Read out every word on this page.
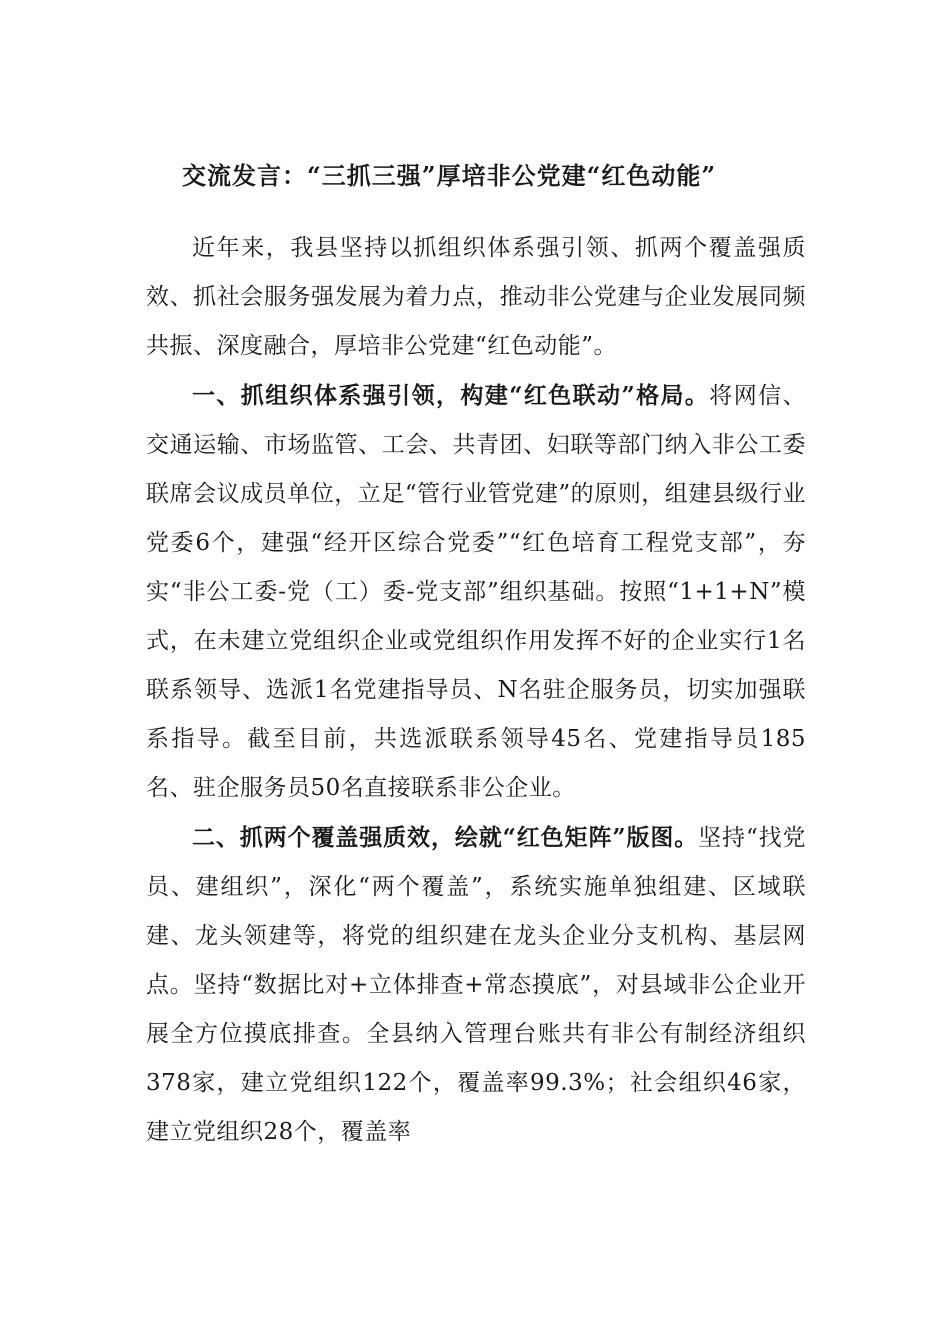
交流发言：“三抓三强”厚培非公党建“红色动能”

近年来，我县坚持以抓组织体系强引领、抓两个覆盖强质效、抓社会服务强发展为着力点，推动非公党建与企业发展同频共振、深度融合，厚培非公党建“红色动能”。

一、抓组织体系强引领，构建“红色联动”格局。将网信、交通运输、市场监管、工会、共青团、妇联等部门纳入非公工委联席会议成员单位，立足“管行业管党建”的原则，组建县级行业党委6个，建强“经开区综合党委”“红色培育工程党支部”，夯实“非公工委-党（工）委-党支部”组织基础。按照“1+1+N”模式，在未建立党组织企业或党组织作用发挥不好的企业实行1名联系领导、选派1名党建指导员、N名驻企服务员，切实加强联系指导。截至目前，共选派联系领导45名、党建指导员185名、驻企服务员50名直接联系非公企业。

二、抓两个覆盖强质效，绘就“红色矩阵”版图。坚持“找党员、建组织”，深化“两个覆盖”，系统实施单独组建、区域联建、龙头领建等，将党的组织建在龙头企业分支机构、基层网点。坚持“数据比对+立体排查+常态摸底”，对县域非公企业开展全方位摸底排查。全县纳入管理台账共有非公有制经济组织378家，建立党组织122个，覆盖率99.3%；社会组织46家，建立党组织28个，覆盖率
